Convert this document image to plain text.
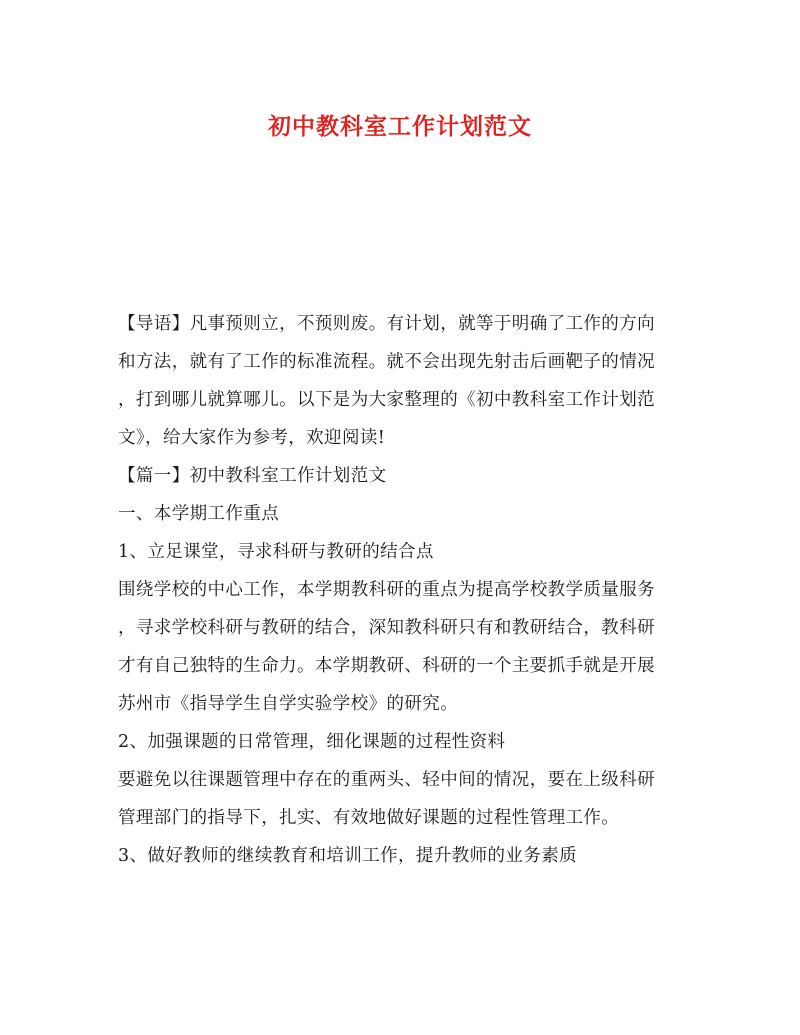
初中教科室工作计划范文
【导语】凡事预则立，不预则废。有计划，就等于明确了工作的方向
和方法，就有了工作的标准流程。就不会出现先射击后画靶子的情况
，打到哪儿就算哪儿。以下是为大家整理的《初中教科室工作计划范
文》，给大家作为参考，欢迎阅读!
【篇一】初中教科室工作计划范文
一、本学期工作重点
1、立足课堂，寻求科研与教研的结合点
围绕学校的中心工作，本学期教科研的重点为提高学校教学质量服务
，寻求学校科研与教研的结合，深知教科研只有和教研结合，教科研
才有自己独特的生命力。本学期教研、科研的一个主要抓手就是开展
苏州市《指导学生自学实验学校》的研究。
2、加强课题的日常管理，细化课题的过程性资料
要避免以往课题管理中存在的重两头、轻中间的情况，要在上级科研
管理部门的指导下，扎实、有效地做好课题的过程性管理工作。
3、做好教师的继续教育和培训工作，提升教师的业务素质
